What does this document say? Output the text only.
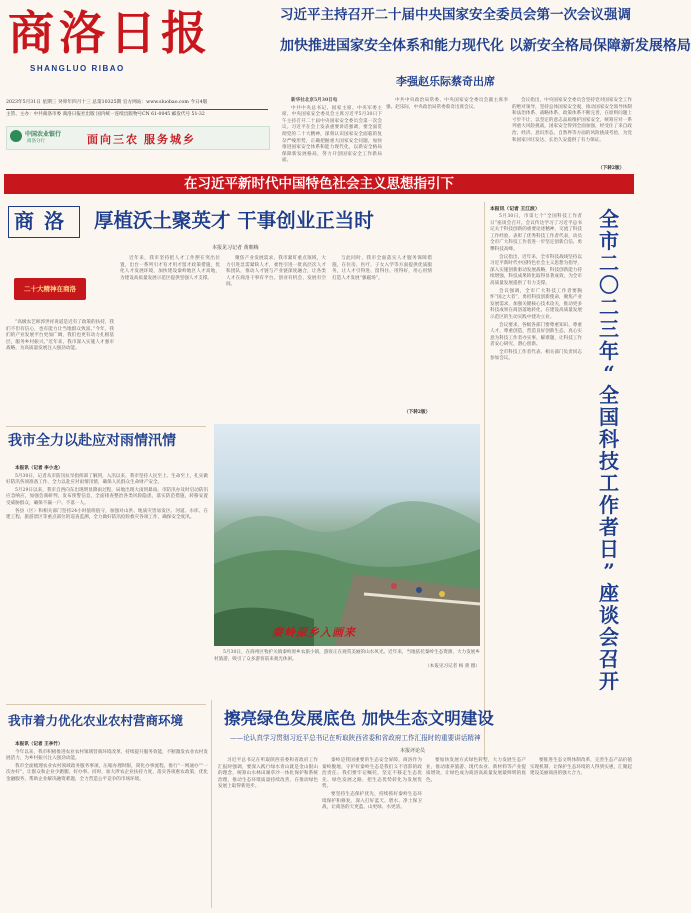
商洛日报
SHANGLUO RIBAO
2023年5月31日 星期三 癸卯年四月十三 总第10325期 官方网站：www.sluobao.com 今日4版
主管、主办：中共商洛市委 商洛日报社出版 国内统一连续出版物号CN 61-0045 邮发代号 51-32
中国农业银行
商洛分行	面向三农 服务城乡
习近平主持召开二十届中央国家安全委员会第一次会议强调
加快推进国家安全体系和能力现代化 以新安全格局保障新发展格局
李强赵乐际蔡奇出席

新华社北京5月30日电

中共中央总书记、国家主席、中央军委主席、中央国家安全委员会主席习近平5月30日下午主持召开二十届中央国家安全委员会第一次会议。习近平在会上发表重要讲话强调，要全面贯彻党的二十大精神，深刻认识国家安全面临的复杂严峻形势，正确把握重大国家安全问题，加快推进国家安全体系和能力现代化，以新安全格局保障新发展格局，努力开创国家安全工作新局面。

中共中央政治局常委、中央国家安全委员会副主席李强、赵乐际，中央政治局常委蔡奇出席会议。

会议指出，中央国家安全委员会坚持党对国家安全工作的绝对领导，坚持总体国家安全观，推动国家安全领导体制和法治体系、战略体系、政策体系不断完善，在原则问题上寸步不让，以坚定的意志品质维护国家安全，统筹应对一系列重大风险挑战，国家安全得到全面加强，经受住了来自政治、经济、意识形态、自然界等方面的风险挑战考验，为党和国家兴旺发达、长治久安提供了有力保证。

（下转2版）
在习近平新时代中国特色社会主义思想指引下
商洛 厚植沃土聚英才 干事创业正当时
本报见习记者 黄朝梅
二十大精神在商洛

“高级农艺师郭世祥说道是近有了政策的扶持，我们不但有信心，也有能力让当地群众致富。”今年，我们的产业发展平台更加广阔，我们也更有动力扎根基层，服务乡村振兴。”近年来，我市深入实施人才强市战略，为高质量发展注入强劲动能。

近年来，我市坚持把人才工作摆在突出位置，出台一系列引才育才用才留才政策措施，优化人才发展环境，加快建设秦岭地区人才高地，为建设高质量发展示范区提供坚强人才支撑。

聚焦产业发展需求，我市紧盯重点领域，大力引进急需紧缺人才，柔性引进一批高层次人才和团队，推动人才链与产业链深度融合，让各类人才在商洛干事有平台、创业有机会、发展有空间。

与此同时，我市全面落实人才服务保障措施，在住房、医疗、子女入学等方面提供优质服务，让人才引得进、留得住、用得好，用心用情打造人才发展“强磁场”。

（下转2版）
全
市
二
〇
二
三
年
“
全
国
科
技
工
作
者
日
”
座
谈
会
召
开
本报讯（记者 王江波）

5月30日，市第七个“全国科技工作者日”座谈会召开。会议传达学习了习近平总书记关于科技创新的重要论述精神，交流了科技工作经验，表彰了优秀科技工作者代表，动员全市广大科技工作者进一步坚定创新自信、勇攀科技高峰。

会议指出，近年来，全市科技战线坚持以习近平新时代中国特色社会主义思想为指导，深入实施创新驱动发展战略，科技创新能力持续增强，科技成果转化取得显著成效，为全市高质量发展提供了有力支撑。

会议强调，全市广大科技工作者要胸怀“国之大者”，勇担科技创新使命，聚焦产业发展需求，加强关键核心技术攻关，推动更多科技成果在商洛落地转化，在建设高质量发展示范区的生动实践中建功立业。

会议要求，各级各部门要尊重知识、尊重人才、尊重创造，营造良好创新生态，真心实意为科技工作者办实事、解难题，让科技工作者安心研究、潜心创新。

全市科技工作者代表、相关部门负责同志参加会议。

我市全力以赴应对雨情汛情

本报讯（记者 李小龙）

5月30日，记者从市防汛抗旱指挥部了解到，入汛以来，我市坚持人民至上、生命至上，扎实做好防汛各项准备工作，全力以赴应对雨情汛情，确保人民群众生命财产安全。

5月29日以来，我市自西向东出现明显降雨过程，局地出现大雨到暴雨。市防汛办及时启动防汛应急响应，加强会商研判，发布预警信息，全面排查整治各类风险隐患，落实防范措施，转移安置受威胁群众，确保不漏一户、不落一人。

各县（区）和相关部门坚持24小时值班值守，加强对山洪、地质灾害易发区、河道、水库、在建工程、旅游景区等重点部位的巡查监测，全力做好防汛抢险救灾各项工作，确保安全度汛。

秦岭原乡入画来

5月30日，在商州区牧护关镇秦岭原乡农旅小镇，游客正在观赏美丽的山水风光。近年来，当地依托秦岭生态资源，大力发展乡村旅游，吸引了众多游客前来观光休闲。

（本报见习记者 杨 蕾 摄）

我市着力优化农业农村营商环境

本报讯（记者 王李竹）

今年以来，我市积极推进农业农村领域营商环境改革，持续提升服务效能，不断激发农业农村发展活力，为乡村振兴注入强劲动能。

我市全面梳理农业农村领域政务服务事项，压缩办理时限，简化办事流程，推行“一网通办”“一次办好”，让群众和企业少跑腿、好办事。同时，加大涉农企业扶持力度，落实各项惠农政策，优化金融服务，帮助企业解决融资难题，全力营造公平竞争的市场环境。

擦亮绿色发展底色 加快生态文明建设
——论认真学习贯彻习近平总书记在听取陕西省委和省政府工作汇报时的重要讲话精神
本报评论员

习近平总书记在听取陕西省委和省政府工作汇报时强调，要深入践行绿水青山就是金山银山的理念，统筹山水林田湖草沙一体化保护和系统治理，推动生态环境质量持续改善，在推动绿色发展上取得新进步。

秦岭是我国重要的生态安全屏障，商洛作为秦岭腹地，守护好秦岭生态是我们义不容辞的政治责任。我们要牢记嘱托，坚定不移走生态优先、绿色发展之路，把生态优势转化为发展优势。

要坚持生态保护优先，持续抓好秦岭生态环境保护和修复，深入打好蓝天、碧水、净土保卫战，让商洛的天更蓝、山更绿、水更清。

要加快发展方式绿色转型，大力发展生态产业，推动康养旅游、现代农业、新材料等产业提质增效，让绿色成为商洛高质量发展最鲜明的底色。

要推进生态文明体制改革，完善生态产品价值实现机制，让保护生态环境的人得到实惠，汇聚起建设美丽商洛的强大合力。
